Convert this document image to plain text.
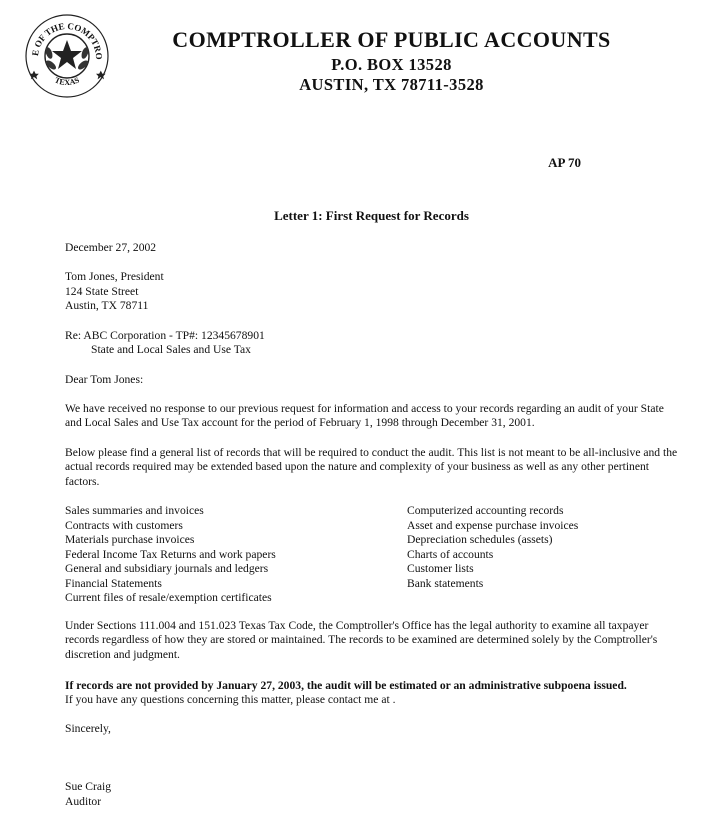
E OF THE COMPTRO
TEXAS
COMPTROLLER OF PUBLIC ACCOUNTS
P.O. BOX 13528
AUSTIN, TX 78711-3528
AP 70
Letter 1: First Request for Records
December 27, 2002
Tom Jones, President
124 State Street
Austin, TX 78711
Re: ABC Corporation - TP#: 12345678901
State and Local Sales and Use Tax
Dear Tom Jones:
We have received no response to our previous request for information and access to your records regarding an audit of your State and Local Sales and Use Tax account for the period of February 1, 1998 through December 31, 2001.
Below please find a general list of records that will be required to conduct the audit. This list is not meant to be all-inclusive and the actual records required may be extended based upon the nature and complexity of your business as well as any other pertinent factors.
Sales summaries and invoices
Contracts with customers
Materials purchase invoices
Federal Income Tax Returns and work papers
General and subsidiary journals and ledgers
Financial Statements
Current files of resale/exemption certificates
Computerized accounting records
Asset and expense purchase invoices
Depreciation schedules (assets)
Charts of accounts
Customer lists
Bank statements
Under Sections 111.004 and 151.023 Texas Tax Code, the Comptroller's Office has the legal authority to examine all taxpayer records regardless of how they are stored or maintained. The records to be examined are determined solely by the Comptroller's discretion and judgment.
If records are not provided by January 27, 2003, the audit will be estimated or an administrative subpoena issued.
If you have any questions concerning this matter, please contact me at .
Sincerely,
Sue Craig
Auditor
